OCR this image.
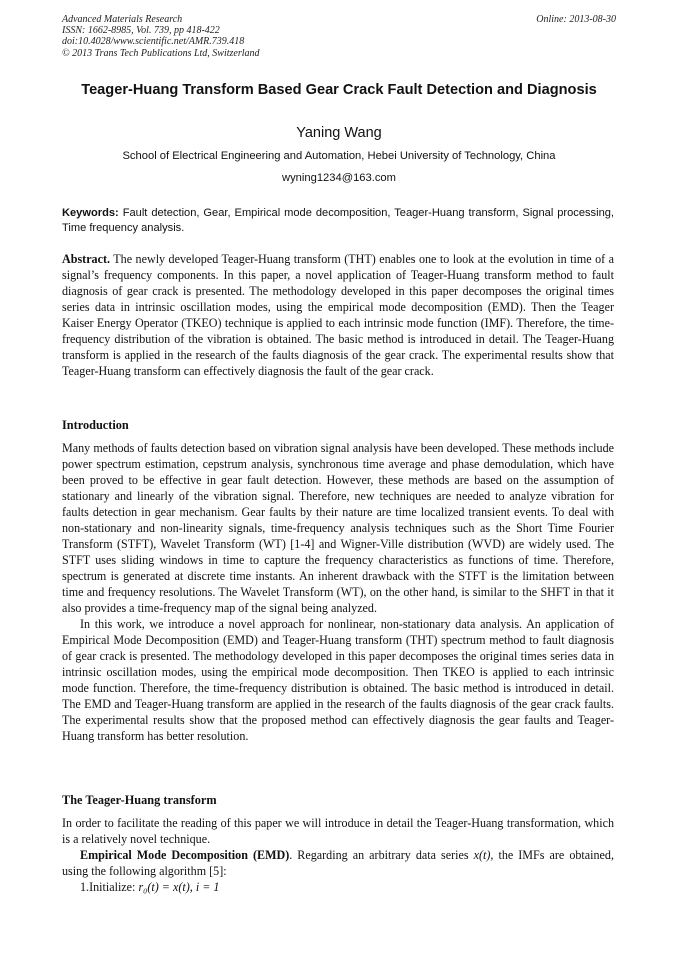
Advanced Materials Research
ISSN: 1662-8985, Vol. 739, pp 418-422
doi:10.4028/www.scientific.net/AMR.739.418
© 2013 Trans Tech Publications Ltd, Switzerland
Online: 2013-08-30
Teager-Huang Transform Based Gear Crack Fault Detection and Diagnosis
Yaning Wang
School of Electrical Engineering and Automation, Hebei University of Technology, China
wyning1234@163.com
Keywords: Fault detection, Gear, Empirical mode decomposition, Teager-Huang transform, Signal processing, Time frequency analysis.
Abstract. The newly developed Teager-Huang transform (THT) enables one to look at the evolution in time of a signal’s frequency components. In this paper, a novel application of Teager-Huang transform method to fault diagnosis of gear crack is presented. The methodology developed in this paper decomposes the original times series data in intrinsic oscillation modes, using the empirical mode decomposition (EMD). Then the Teager Kaiser Energy Operator (TKEO) technique is applied to each intrinsic mode function (IMF). Therefore, the time-frequency distribution of the vibration is obtained. The basic method is introduced in detail. The Teager-Huang transform is applied in the research of the faults diagnosis of the gear crack. The experimental results show that Teager-Huang transform can effectively diagnosis the fault of the gear crack.
Introduction

Many methods of faults detection based on vibration signal analysis have been developed. These methods include power spectrum estimation, cepstrum analysis, synchronous time average and phase demodulation, which have been proved to be effective in gear fault detection. However, these methods are based on the assumption of stationary and linearly of the vibration signal. Therefore, new techniques are needed to analyze vibration for faults detection in gear mechanism. Gear faults by their nature are time localized transient events. To deal with non-stationary and non-linearity signals, time-frequency analysis techniques such as the Short Time Fourier Transform (STFT), Wavelet Transform (WT) [1-4] and Wigner-Ville distribution (WVD) are widely used. The STFT uses sliding windows in time to capture the frequency characteristics as functions of time. Therefore, spectrum is generated at discrete time instants. An inherent drawback with the STFT is the limitation between time and frequency resolutions. The Wavelet Transform (WT), on the other hand, is similar to the SHFT in that it also provides a time-frequency map of the signal being analyzed.

In this work, we introduce a novel approach for nonlinear, non-stationary data analysis. An application of Empirical Mode Decomposition (EMD) and Teager-Huang transform (THT) spectrum method to fault diagnosis of gear crack is presented. The methodology developed in this paper decomposes the original times series data in intrinsic oscillation modes, using the empirical mode decomposition. Then TKEO is applied to each intrinsic mode function. Therefore, the time-frequency distribution is obtained. The basic method is introduced in detail. The EMD and Teager-Huang transform are applied in the research of the faults diagnosis of the gear crack faults. The experimental results show that the proposed method can effectively diagnosis the gear faults and Teager-Huang transform has better resolution.

The Teager-Huang transform

In order to facilitate the reading of this paper we will introduce in detail the Teager-Huang transformation, which is a relatively novel technique.

Empirical Mode Decomposition (EMD). Regarding an arbitrary data series x(t), the IMFs are obtained, using the following algorithm [5]:

1.Initialize: r₀(t) = x(t), i = 1
